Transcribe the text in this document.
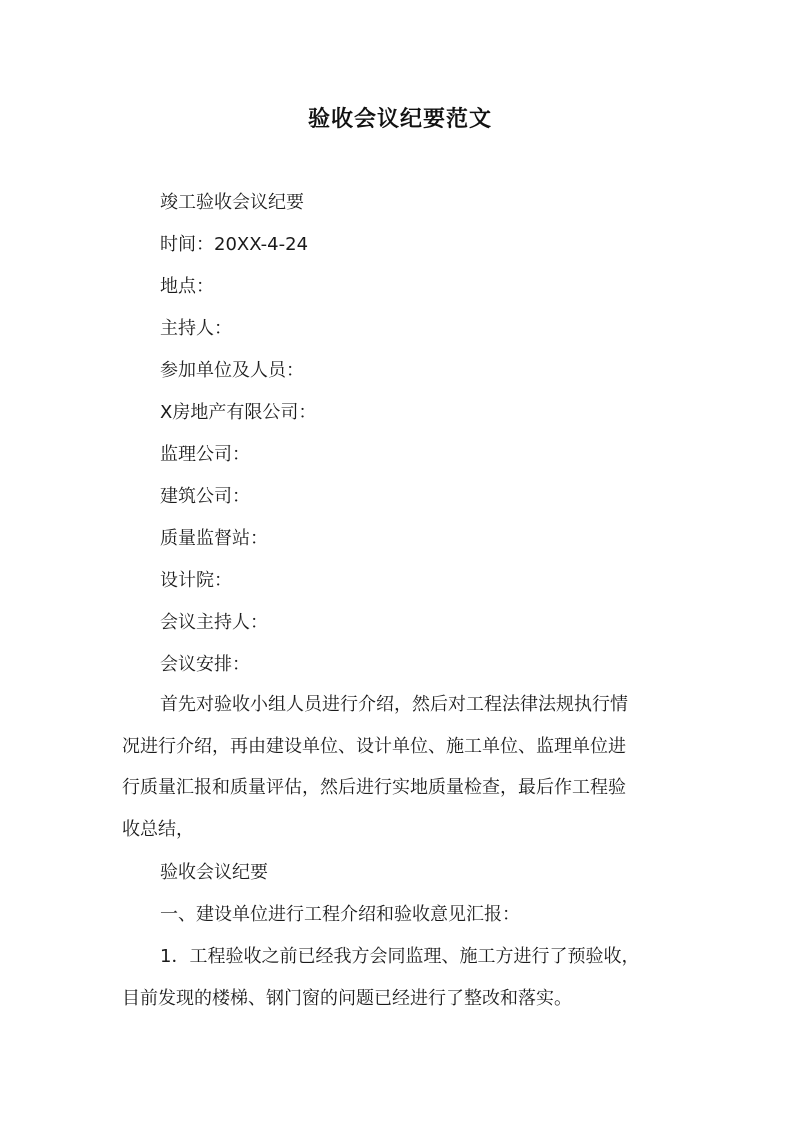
验收会议纪要范文
竣工验收会议纪要
时间：20XX-4-24
地点：
主持人：
参加单位及人员：
X房地产有限公司：
监理公司：
建筑公司：
质量监督站：
设计院：
会议主持人：
会议安排：
首先对验收小组人员进行介绍，然后对工程法律法规执行情
况进行介绍，再由建设单位、设计单位、施工单位、监理单位进
行质量汇报和质量评估，然后进行实地质量检查，最后作工程验
收总结，
验收会议纪要
一、建设单位进行工程介绍和验收意见汇报：
1．工程验收之前已经我方会同监理、施工方进行了预验收，
目前发现的楼梯、钢门窗的问题已经进行了整改和落实。
